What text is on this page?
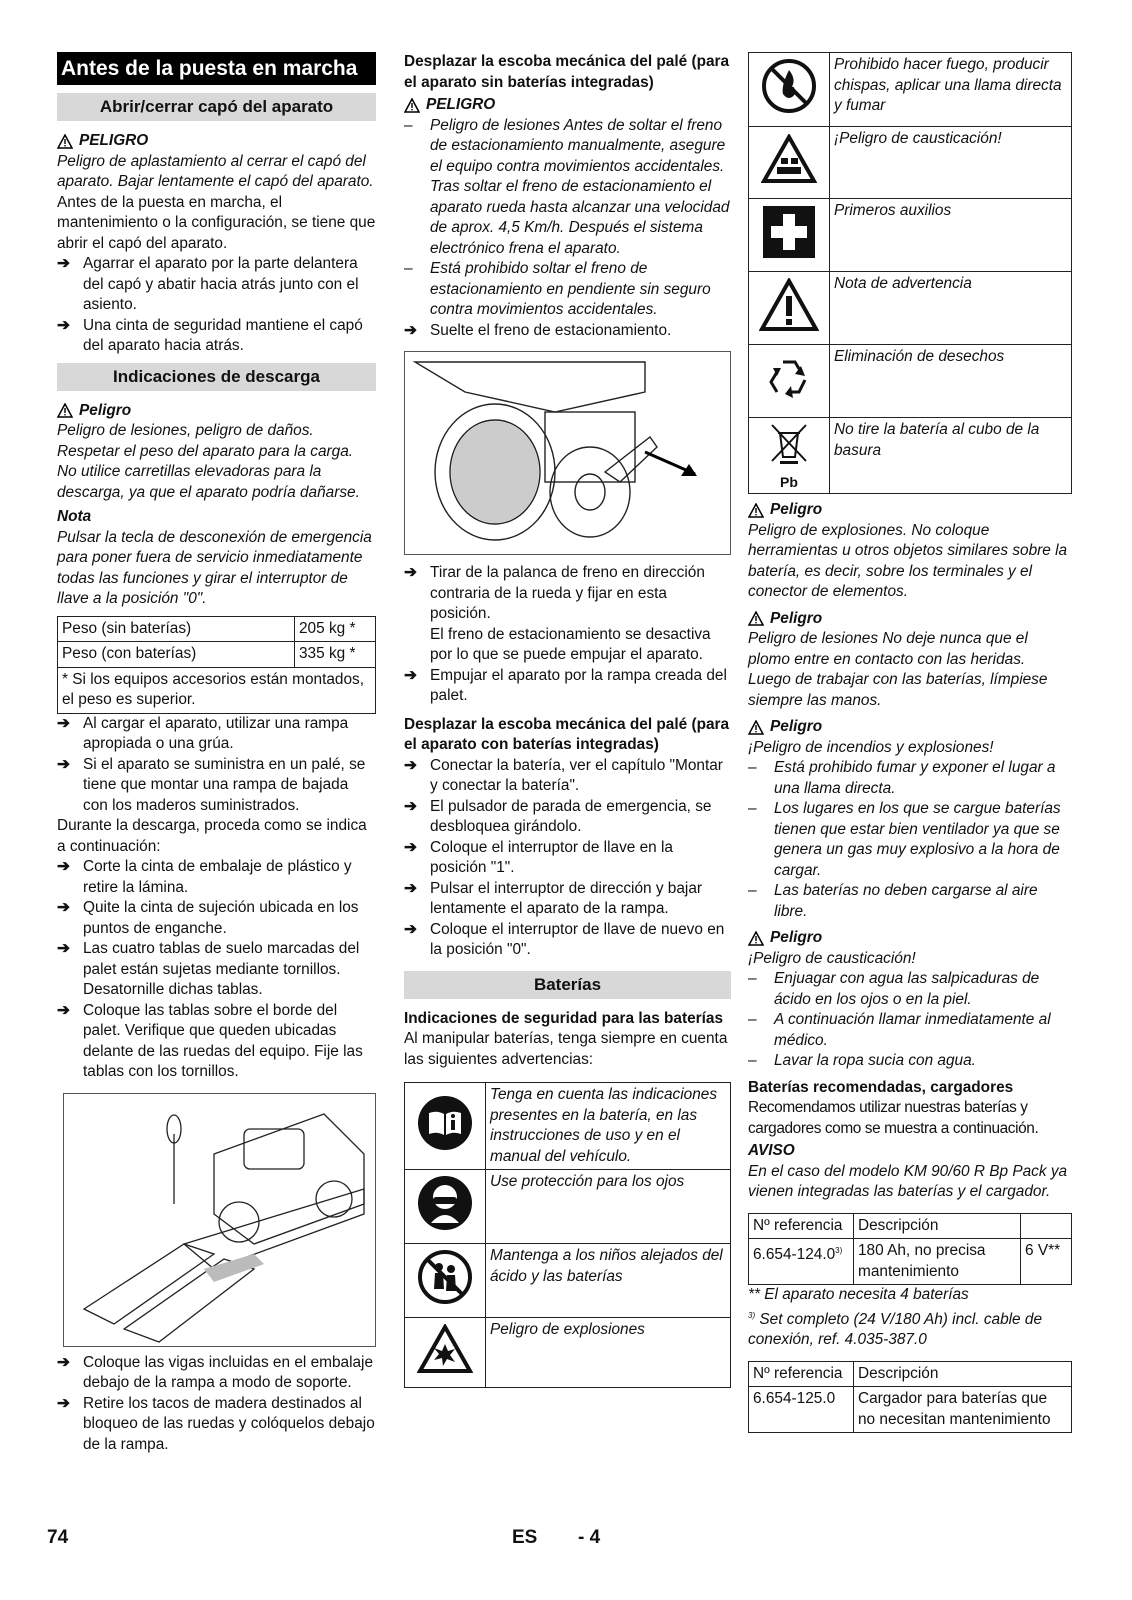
Antes de la puesta en marcha
Abrir/cerrar capó del aparato
PELIGRO

Peligro de aplastamiento al cerrar el capó del aparato. Bajar lentamente el capó del aparato.

Antes de la puesta en marcha, el mantenimiento o la configuración, se tiene que abrir el capó del aparato.

➔ Agarrar el aparato por la parte delantera del capó y abatir hacia atrás junto con el asiento.
➔ Una cinta de seguridad mantiene el capó del aparato hacia atrás.
Indicaciones de descarga
Peligro

Peligro de lesiones, peligro de daños. Respetar el peso del aparato para la carga. No utilice carretillas elevadoras para la descarga, ya que el aparato podría dañarse.

Nota

Pulsar la tecla de desconexión de emergencia para poner fuera de servicio inmediatamente todas las funciones y girar el interruptor de llave a la posición "0".

Peso (sin baterías)	205 kg *
Peso (con baterías)	335 kg *
* Si los equipos accesorios están montados, el peso es superior.	
➔ Al cargar el aparato, utilizar una rampa apropiada o una grúa.
➔ Si el aparato se suministra en un palé, se tiene que montar una rampa de bajada con los maderos suministrados.

Durante la descarga, proceda como se indica a continuación:

➔ Corte la cinta de embalaje de plástico y retire la lámina.
➔ Quite la cinta de sujeción ubicada en los puntos de enganche.
➔ Las cuatro tablas de suelo marcadas del palet están sujetas mediante tornillos. Desatornille dichas tablas.
➔ Coloque las tablas sobre el borde del palet. Verifique que queden ubicadas delante de las ruedas del equipo. Fije las tablas con los tornillos.
➔ Coloque las vigas incluidas en el embalaje debajo de la rampa a modo de soporte.
➔ Retire los tacos de madera destinados al bloqueo de las ruedas y colóquelos debajo de la rampa.

Desplazar la escoba mecánica del palé (para el aparato sin baterías integradas)

PELIGRO
–	Peligro de lesiones Antes de soltar el freno de estacionamiento manualmente, asegure el equipo contra movimientos accidentales. Tras soltar el freno de estacionamiento el aparato rueda hasta alcanzar una velocidad de aprox. 4,5 Km/h. Después el sistema electrónico frena el aparato.
–	Está prohibido soltar el freno de estacionamiento en pendiente sin seguro contra movimientos accidentales.
➔ Suelte el freno de estacionamiento.
➔ Tirar de la palanca de freno en dirección contraria de la rueda y fijar en esta posición.

El freno de estacionamiento se desactiva por lo que se puede empujar el aparato.

➔ Empujar el aparato por la rampa creada del palet.

Desplazar la escoba mecánica del palé (para el aparato con baterías integradas)

➔ Conectar la batería, ver el capítulo "Montar y conectar la batería".
➔ El pulsador de parada de emergencia, se desbloquea girándolo.
➔ Coloque el interruptor de llave en la posición "1".
➔ Pulsar el interruptor de dirección y bajar lentamente el aparato de la rampa.
➔ Coloque el interruptor de llave de nuevo en la posición "0".
Baterías

Indicaciones de seguridad para las baterías

Al manipular baterías, tenga siempre en cuenta las siguientes advertencias:

	Tenga en cuenta las indicaciones presentes en la batería, en las instrucciones de uso y en el manual del vehículo.
	Use protección para los ojos
	Mantenga a los niños alejados del ácido y las baterías
	Peligro de explosiones
	Prohibido hacer fuego, producir chispas, aplicar una llama directa y fumar
	¡Peligro de causticación!
	Primeros auxilios
	Nota de advertencia
	Eliminación de desechos

Pb	No tire la batería al cubo de la basura
Peligro

Peligro de explosiones. No coloque herramientas u otros objetos similares sobre la batería, es decir, sobre los terminales y el conector de elementos.

Peligro

Peligro de lesiones No deje nunca que el plomo entre en contacto con las heridas. Luego de trabajar con las baterías, límpiese siempre las manos.

Peligro

¡Peligro de incendios y explosiones!

–	Está prohibido fumar y exponer el lugar a una llama directa.
–	Los lugares en los que se cargue baterías tienen que estar bien ventilador ya que se genera un gas muy explosivo a la hora de cargar.
–	Las baterías no deben cargarse al aire libre.
Peligro

¡Peligro de causticación!

–	Enjuagar con agua las salpicaduras de ácido en los ojos o en la piel.
–	A continuación llamar inmediatamente al médico.
–	Lavar la ropa sucia con agua.

Baterías recomendadas, cargadores

Recomendamos utilizar nuestras baterías y cargadores como se muestra a continuación.

AVISO

En el caso del modelo KM 90/60 R Bp Pack ya vienen integradas las baterías y el cargador.

Nº referencia	Descripción	
6.654-124.0$^{3)}$	180 Ah, no precisa mantenimiento	6 V**

** El aparato necesita 4 baterías

$^{3)}$ Set completo (24 V/180 Ah) incl. cable de conexión, ref. 4.035-387.0

Nº referencia	Descripción
6.654-125.0	Cargador para baterías que no necesitan mantenimiento
74	ES - 4
